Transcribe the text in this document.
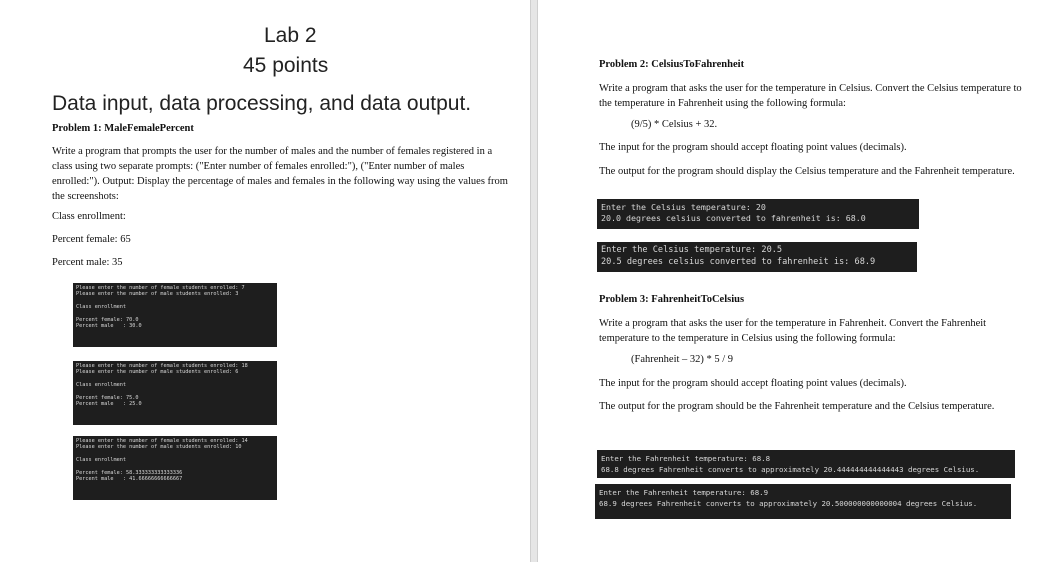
Lab 2
45 points
Data input, data processing, and data output.
Problem 1: MaleFemalePercent
Write a program that prompts the user for the number of males and the number of females registered in a class using two separate prompts: ("Enter number of females enrolled:"), ("Enter number of males enrolled:"). Output: Display the percentage of males and females in the following way using the values from the screenshots:
Class enrollment:
Percent female: 65
Percent male: 35
Please enter the number of female students enrolled: 7
Please enter the number of male students enrolled: 3
Class enrollment
Percent female: 70.0
Percent male   : 30.0
Please enter the number of female students enrolled: 18
Please enter the number of male students enrolled: 6
Class enrollment
Percent female: 75.0
Percent male   : 25.0
Please enter the number of female students enrolled: 14
Please enter the number of male students enrolled: 10
Class enrollment
Percent female: 58.333333333333336
Percent male   : 41.66666666666667
Problem 2: CelsiusToFahrenheit
Write a program that asks the user for the temperature in Celsius. Convert the Celsius temperature to the temperature in Fahrenheit using the following formula:
(9/5) * Celsius + 32.
The input for the program should accept floating point values (decimals).
The output for the program should display the Celsius temperature and the Fahrenheit temperature.
Enter the Celsius temperature: 20
20.0 degrees celsius converted to fahrenheit is: 68.0
Enter the Celsius temperature: 20.5
20.5 degrees celsius converted to fahrenheit is: 68.9
Problem 3: FahrenheitToCelsius
Write a program that asks the user for the temperature in Fahrenheit. Convert the Fahrenheit temperature to the temperature in Celsius using the following formula:
(Fahrenheit – 32) * 5 / 9
The input for the program should accept floating point values (decimals).
The output for the program should be the Fahrenheit temperature and the Celsius temperature.
Enter the Fahrenheit temperature: 68.8
68.8 degrees Fahrenheit converts to approximately 20.444444444444443 degrees Celsius.
Enter the Fahrenheit temperature: 68.9
68.9 degrees Fahrenheit converts to approximately 20.500000000000004 degrees Celsius.
